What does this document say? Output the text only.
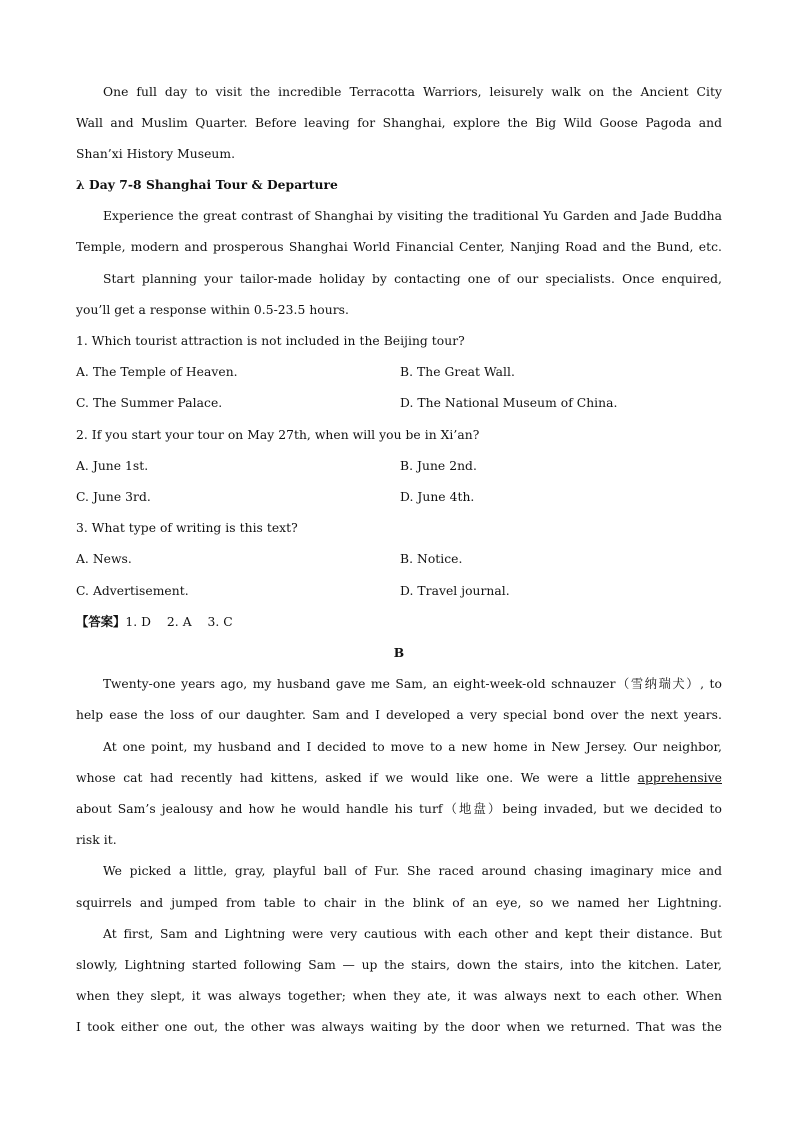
One full day to visit the incredible Terracotta Warriors, leisurely walk on the Ancient City
Wall and Muslim Quarter. Before leaving for Shanghai, explore the Big Wild Goose Pagoda and
Shan’xi History Museum.
λ Day 7-8 Shanghai Tour & Departure
Experience the great contrast of Shanghai by visiting the traditional Yu Garden and Jade Buddha
Temple, modern and prosperous Shanghai World Financial Center, Nanjing Road and the Bund, etc.
Start planning your tailor-made holiday by contacting one of our specialists. Once enquired,
you’ll get a response within 0.5-23.5 hours.
1. Which tourist attraction is not included in the Beijing tour?
A. The Temple of Heaven.	B. The Great Wall.
C. The Summer Palace.	D. The National Museum of China.
2. If you start your tour on May 27th, when will you be in Xi’an?
A. June 1st.	B. June 2nd.
C. June 3rd.	D. June 4th.
3. What type of writing is this text?
A. News.	B. Notice.
C. Advertisement.	D. Travel journal.
【答案】1. D    2. A    3. C
B
Twenty-one years ago, my husband gave me Sam, an eight-week-old schnauzer（雪纳瑞犬）, to
help ease the loss of our daughter. Sam and I developed a very special bond over the next years.
At one point, my husband and I decided to move to a new home in New Jersey. Our neighbor,
whose cat had recently had kittens, asked if we would like one. We were a little apprehensive
about Sam’s jealousy and how he would handle his turf（地盘）being invaded, but we decided to
risk it.
We picked a little, gray, playful ball of Fur. She raced around chasing imaginary mice and
squirrels and jumped from table to chair in the blink of an eye, so we named her Lightning.
At first, Sam and Lightning were very cautious with each other and kept their distance. But
slowly, Lightning started following Sam — up the stairs, down the stairs, into the kitchen. Later,
when they slept, it was always together; when they ate, it was always next to each other. When
I took either one out, the other was always waiting by the door when we returned. That was the
